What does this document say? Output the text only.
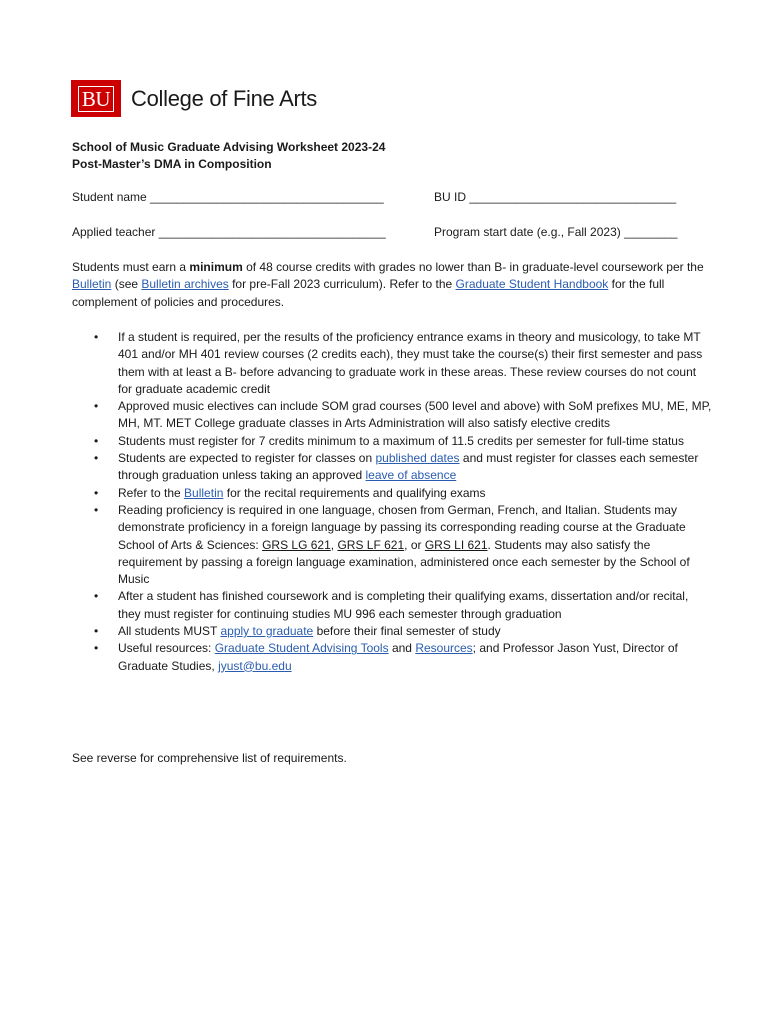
BU College of Fine Arts
School of Music Graduate Advising Worksheet 2023-24
Post-Master’s DMA in Composition
Student name ___________________________________	BU ID _______________________________
Applied teacher __________________________________	Program start date (e.g., Fall 2023) ________
Students must earn a minimum of 48 course credits with grades no lower than B- in graduate-level coursework per the Bulletin (see Bulletin archives for pre-Fall 2023 curriculum). Refer to the Graduate Student Handbook for the full complement of policies and procedures.
• If a student is required, per the results of the proficiency entrance exams in theory and musicology, to take MT 401 and/or MH 401 review courses (2 credits each), they must take the course(s) their first semester and pass them with at least a B- before advancing to graduate work in these areas. These review courses do not count for graduate academic credit
• Approved music electives can include SOM grad courses (500 level and above) with SoM prefixes MU, ME, MP, MH, MT. MET College graduate classes in Arts Administration will also satisfy elective credits
• Students must register for 7 credits minimum to a maximum of 11.5 credits per semester for full-time status
• Students are expected to register for classes on published dates and must register for classes each semester through graduation unless taking an approved leave of absence
• Refer to the Bulletin for the recital requirements and qualifying exams
• Reading proficiency is required in one language, chosen from German, French, and Italian. Students may demonstrate proficiency in a foreign language by passing its corresponding reading course at the Graduate School of Arts & Sciences: GRS LG 621, GRS LF 621, or GRS LI 621. Students may also satisfy the requirement by passing a foreign language examination, administered once each semester by the School of Music
• After a student has finished coursework and is completing their qualifying exams, dissertation and/or recital, they must register for continuing studies MU 996 each semester through graduation
• All students MUST apply to graduate before their final semester of study
• Useful resources: Graduate Student Advising Tools and Resources; and Professor Jason Yust, Director of Graduate Studies, jyust@bu.edu
See reverse for comprehensive list of requirements.
